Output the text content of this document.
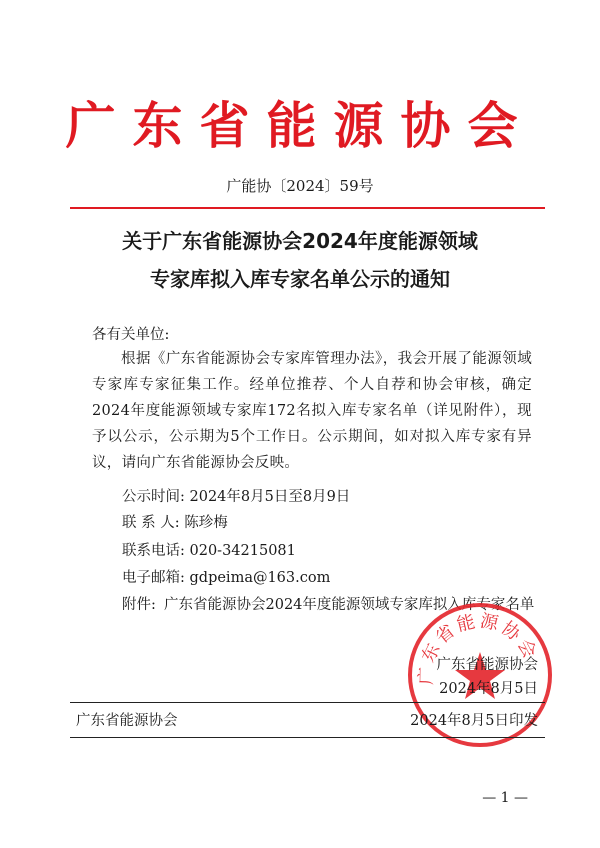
广东省能源协会
广能协〔2024〕59号
关于广东省能源协会2024年度能源领域
专家库拟入库专家名单公示的通知
各有关单位:
根据《广东省能源协会专家库管理办法》，我会开展了能源领域专家库专家征集工作。经单位推荐、个人自荐和协会审核，确定2024年度能源领域专家库172名拟入库专家名单（详见附件），现予以公示，公示期为5个工作日。公示期间，如对拟入库专家有异议，请向广东省能源协会反映。
公示时间: 2024年8月5日至8月9日
联 系 人: 陈珍梅
联系电话: 020-34215081
电子邮箱: gdpeima@163.com
附件: 广东省能源协会2024年度能源领域专家库拟入库专家名单
广东省能源协会
广东省能源协会
2024年8月5日
广东省能源协会	2024年8月5日印发
— 1 —
